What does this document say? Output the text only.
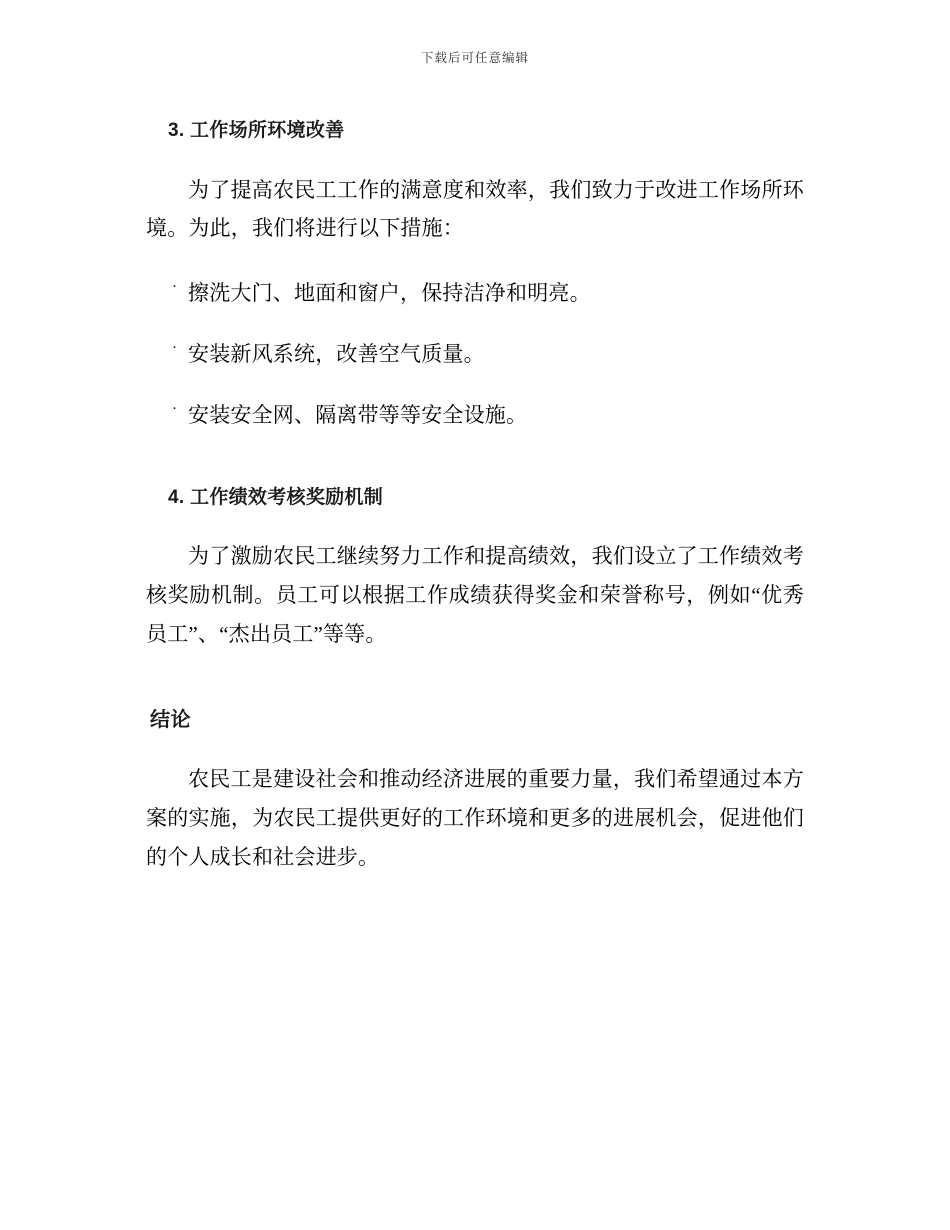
下载后可任意编辑
3. 工作场所环境改善

为了提高农民工工作的满意度和效率，我们致力于改进工作场所环境。为此，我们将进行以下措施：

· 擦洗大门、地面和窗户，保持洁净和明亮。
· 安装新风系统，改善空气质量。
· 安装安全网、隔离带等等安全设施。
4. 工作绩效考核奖励机制

为了激励农民工继续努力工作和提高绩效，我们设立了工作绩效考核奖励机制。员工可以根据工作成绩获得奖金和荣誉称号，例如“优秀员工”、“杰出员工”等等。

结论

农民工是建设社会和推动经济进展的重要力量，我们希望通过本方案的实施，为农民工提供更好的工作环境和更多的进展机会，促进他们的个人成长和社会进步。
